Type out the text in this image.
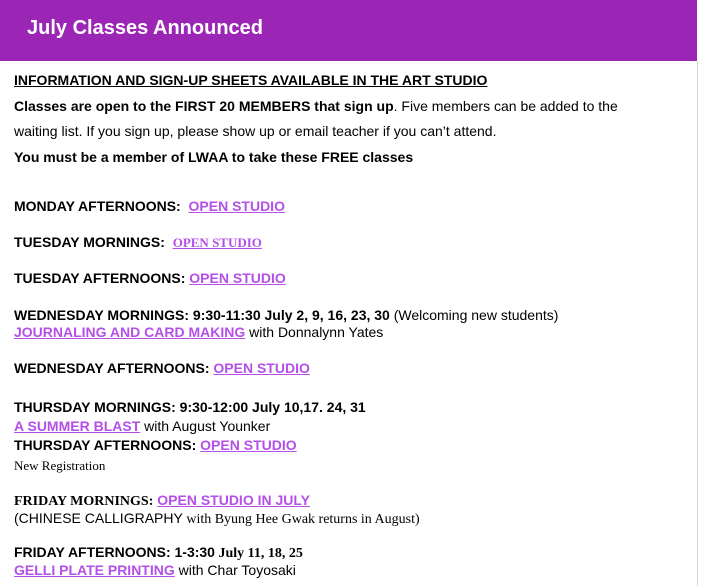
July Classes Announced
INFORMATION AND SIGN-UP SHEETS AVAILABLE IN THE ART STUDIO
Classes are open to the FIRST 20 MEMBERS that sign up. Five members can be added to the
waiting list. If you sign up, please show up or email teacher if you can’t attend.
You must be a member of LWAA to take these FREE classes
MONDAY AFTERNOONS: OPEN STUDIO
TUESDAY MORNINGS: OPEN STUDIO
TUESDAY AFTERNOONS: OPEN STUDIO
WEDNESDAY MORNINGS: 9:30-11:30 July 2, 9, 16, 23, 30 (Welcoming new students)
JOURNALING AND CARD MAKING with Donnalynn Yates
WEDNESDAY AFTERNOONS: OPEN STUDIO
THURSDAY MORNINGS: 9:30-12:00 July 10,17. 24, 31
A SUMMER BLAST with August Younker
THURSDAY AFTERNOONS: OPEN STUDIO
New Registration
FRIDAY MORNINGS: OPEN STUDIO IN JULY
(CHINESE CALLIGRAPHY with Byung Hee Gwak returns in August)
FRIDAY AFTERNOONS: 1-3:30 July 11, 18, 25
GELLI PLATE PRINTING with Char Toyosaki
